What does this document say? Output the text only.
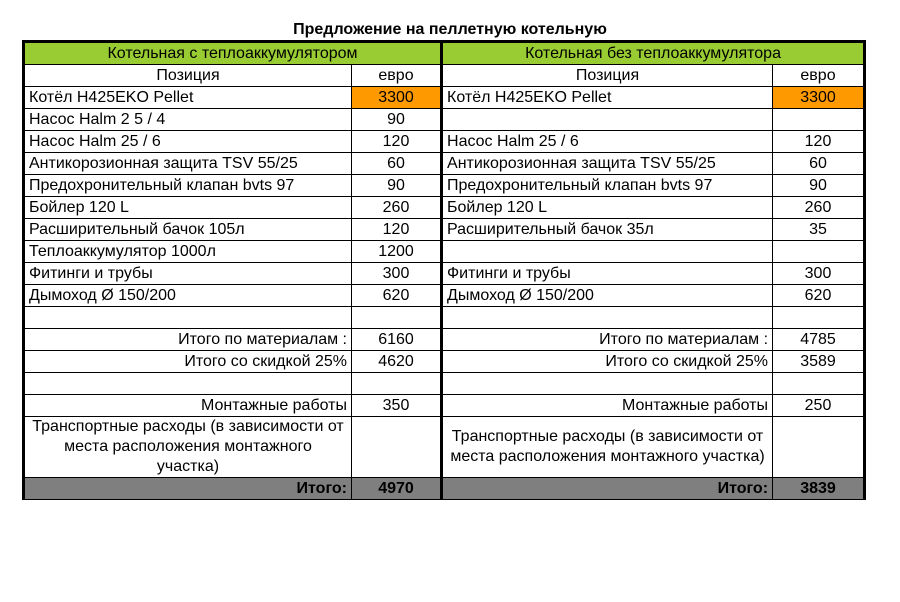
Предложение на пеллетную котельную
Котельная с теплоаккумулятором		Котельная без теплоаккумулятора	
Позиция	евро	Позиция	евро
Котёл H425EKO Pellet	3300	Котёл H425EKO Pellet	3300
Насос Halm 2 5 / 4	90		
Насос Halm 25 / 6	120	Насос Halm 25 / 6	120
Антикорозионная защита TSV 55/25	60	Антикорозионная защита TSV 55/25	60
Предохронительный клапан bvts 97	90	Предохронительный клапан bvts 97	90
Бойлер 120 L	260	Бойлер 120 L	260
Расширительный бачок 105л	120	Расширительный бачок 35л	35
Теплоаккумулятор 1000л	1200		
Фитинги и трубы	300	Фитинги и трубы	300
Дымоход Ø 150/200	620	Дымоход Ø 150/200	620

Итого по материалам :	6160	Итого по материалам :	4785
Итого со скидкой 25%	4620	Итого со скидкой 25%	3589

Монтажные работы	350	Монтажные работы	250
Транспортные расходы (в зависимости от места расположения монтажного участка)		Транспортные расходы (в зависимости от места расположения монтажного участка)	
Итого:	4970	Итого:	3839
